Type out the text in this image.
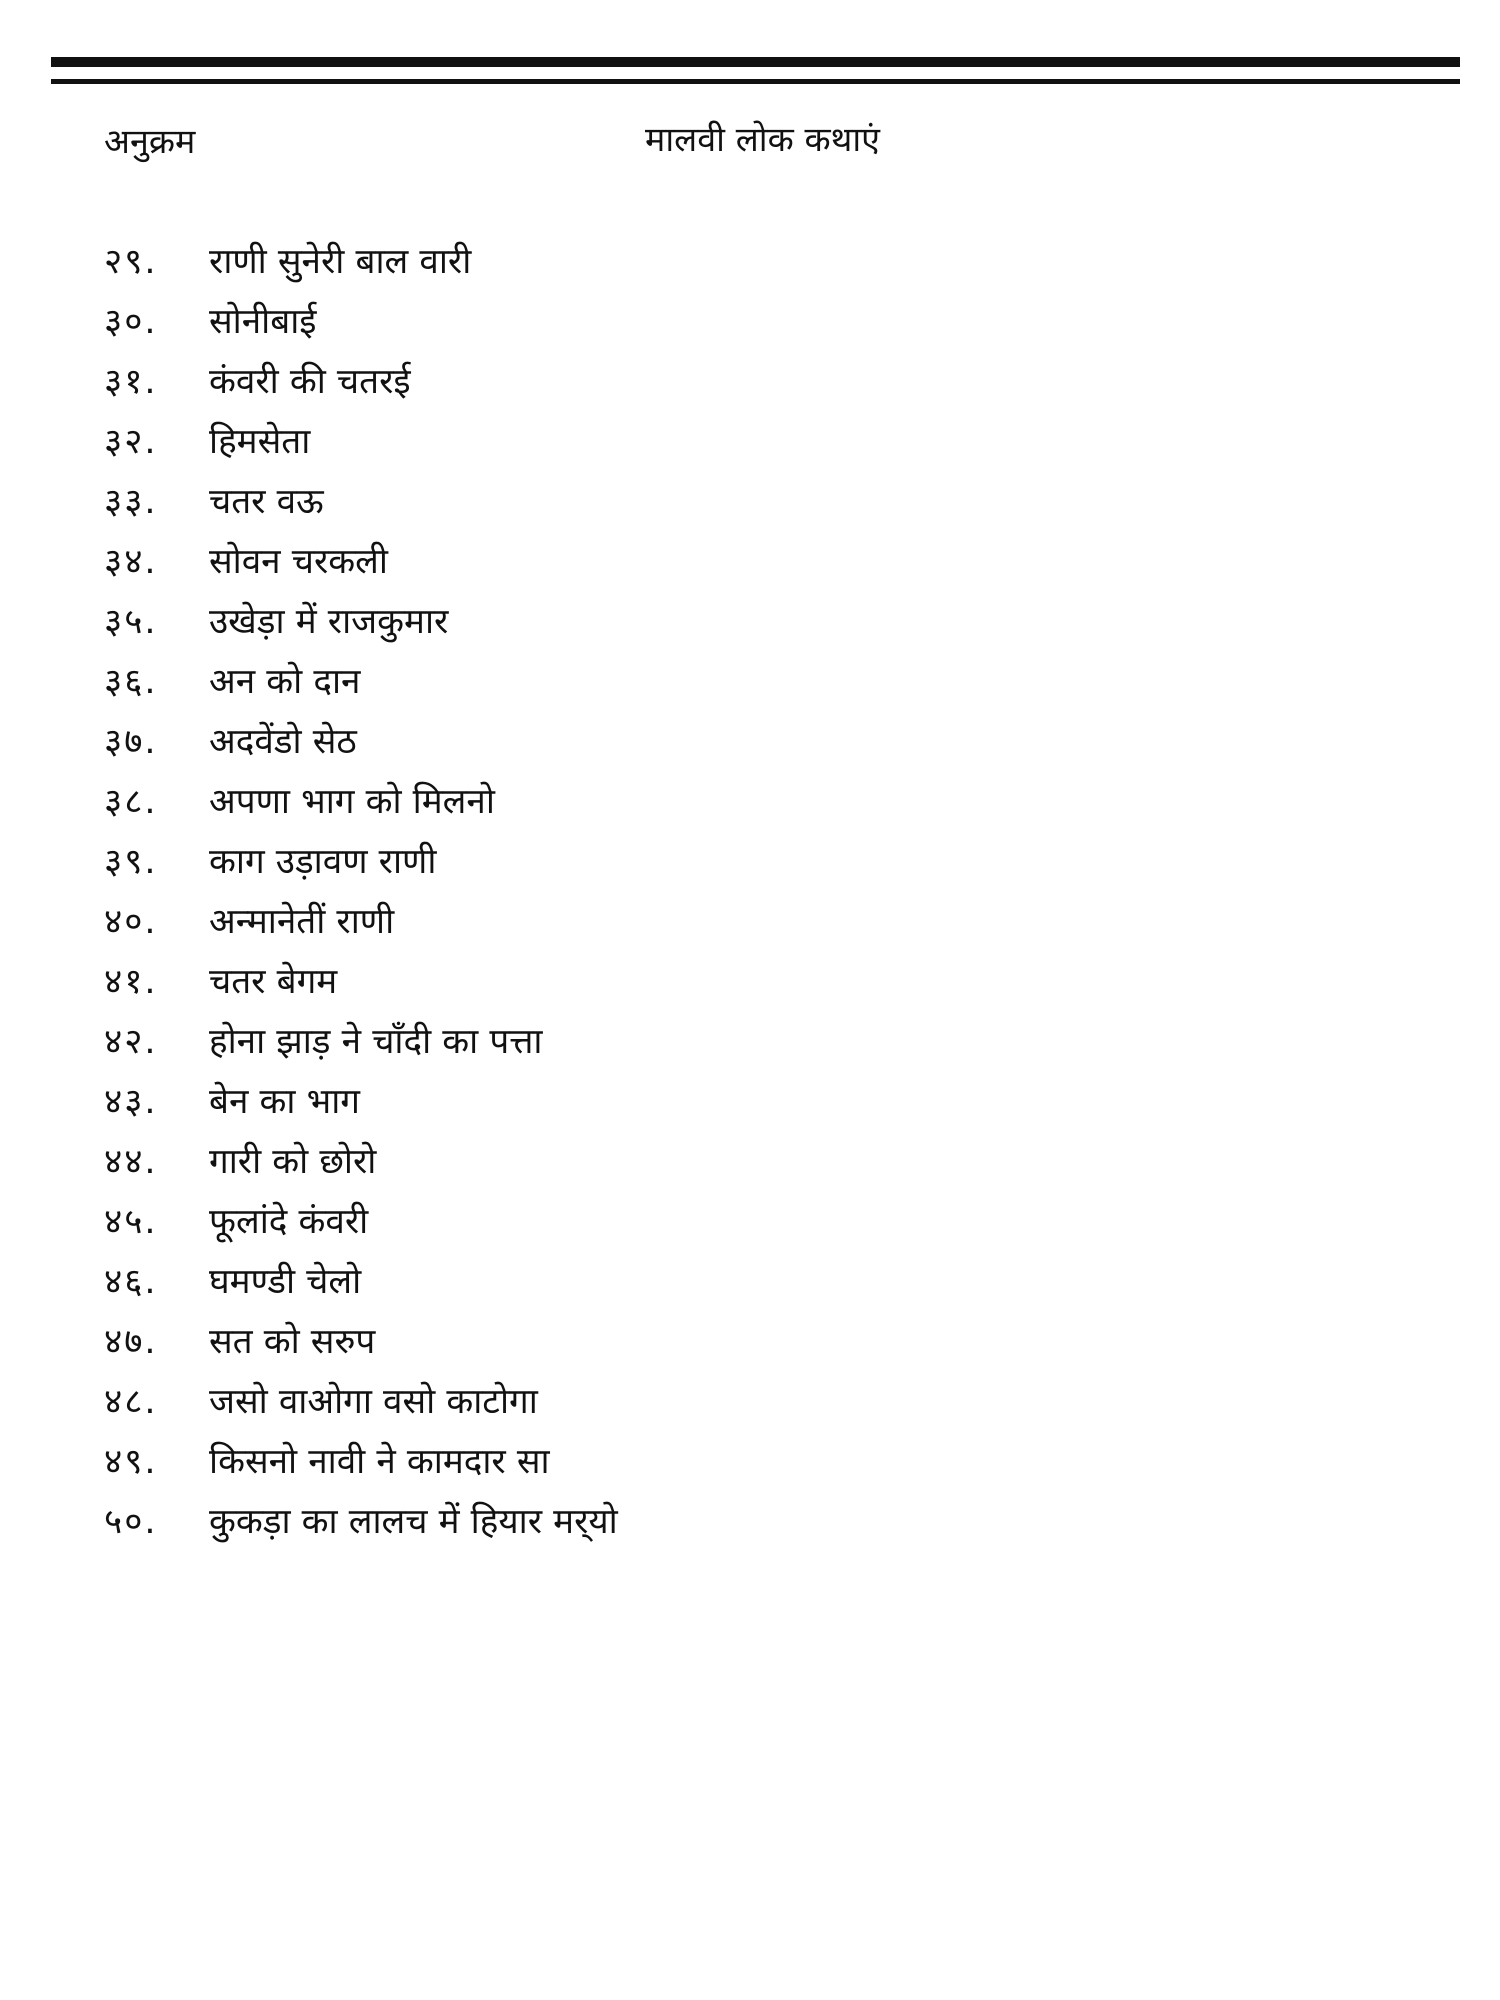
अनुक्रम	मालवी लोक कथाएं
२९.	राणी सुनेरी बाल वारी
३०.	सोनीबाई
३१.	कंवरी की चतरई
३२.	हिमसेता
३३.	चतर वऊ
३४.	सोवन चरकली
३५.	उखेड़ा में राजकुमार
३६.	अन को दान
३७.	अदवेंडो सेठ
३८.	अपणा भाग को मिलनो
३९.	काग उड़ावण राणी
४०.	अन्मानेतीं राणी
४१.	चतर बेगम
४२.	होना झाड़ ने चाँदी का पत्ता
४३.	बेन का भाग
४४.	गारी को छोरो
४५.	फूलांदे कंवरी
४६.	घमण्डी चेलो
४७.	सत को सरुप
४८.	जसो वाओगा वसो काटोगा
४९.	किसनो नावी ने कामदार सा
५०.	कुकड़ा का लालच में हियार मर्‌यो
